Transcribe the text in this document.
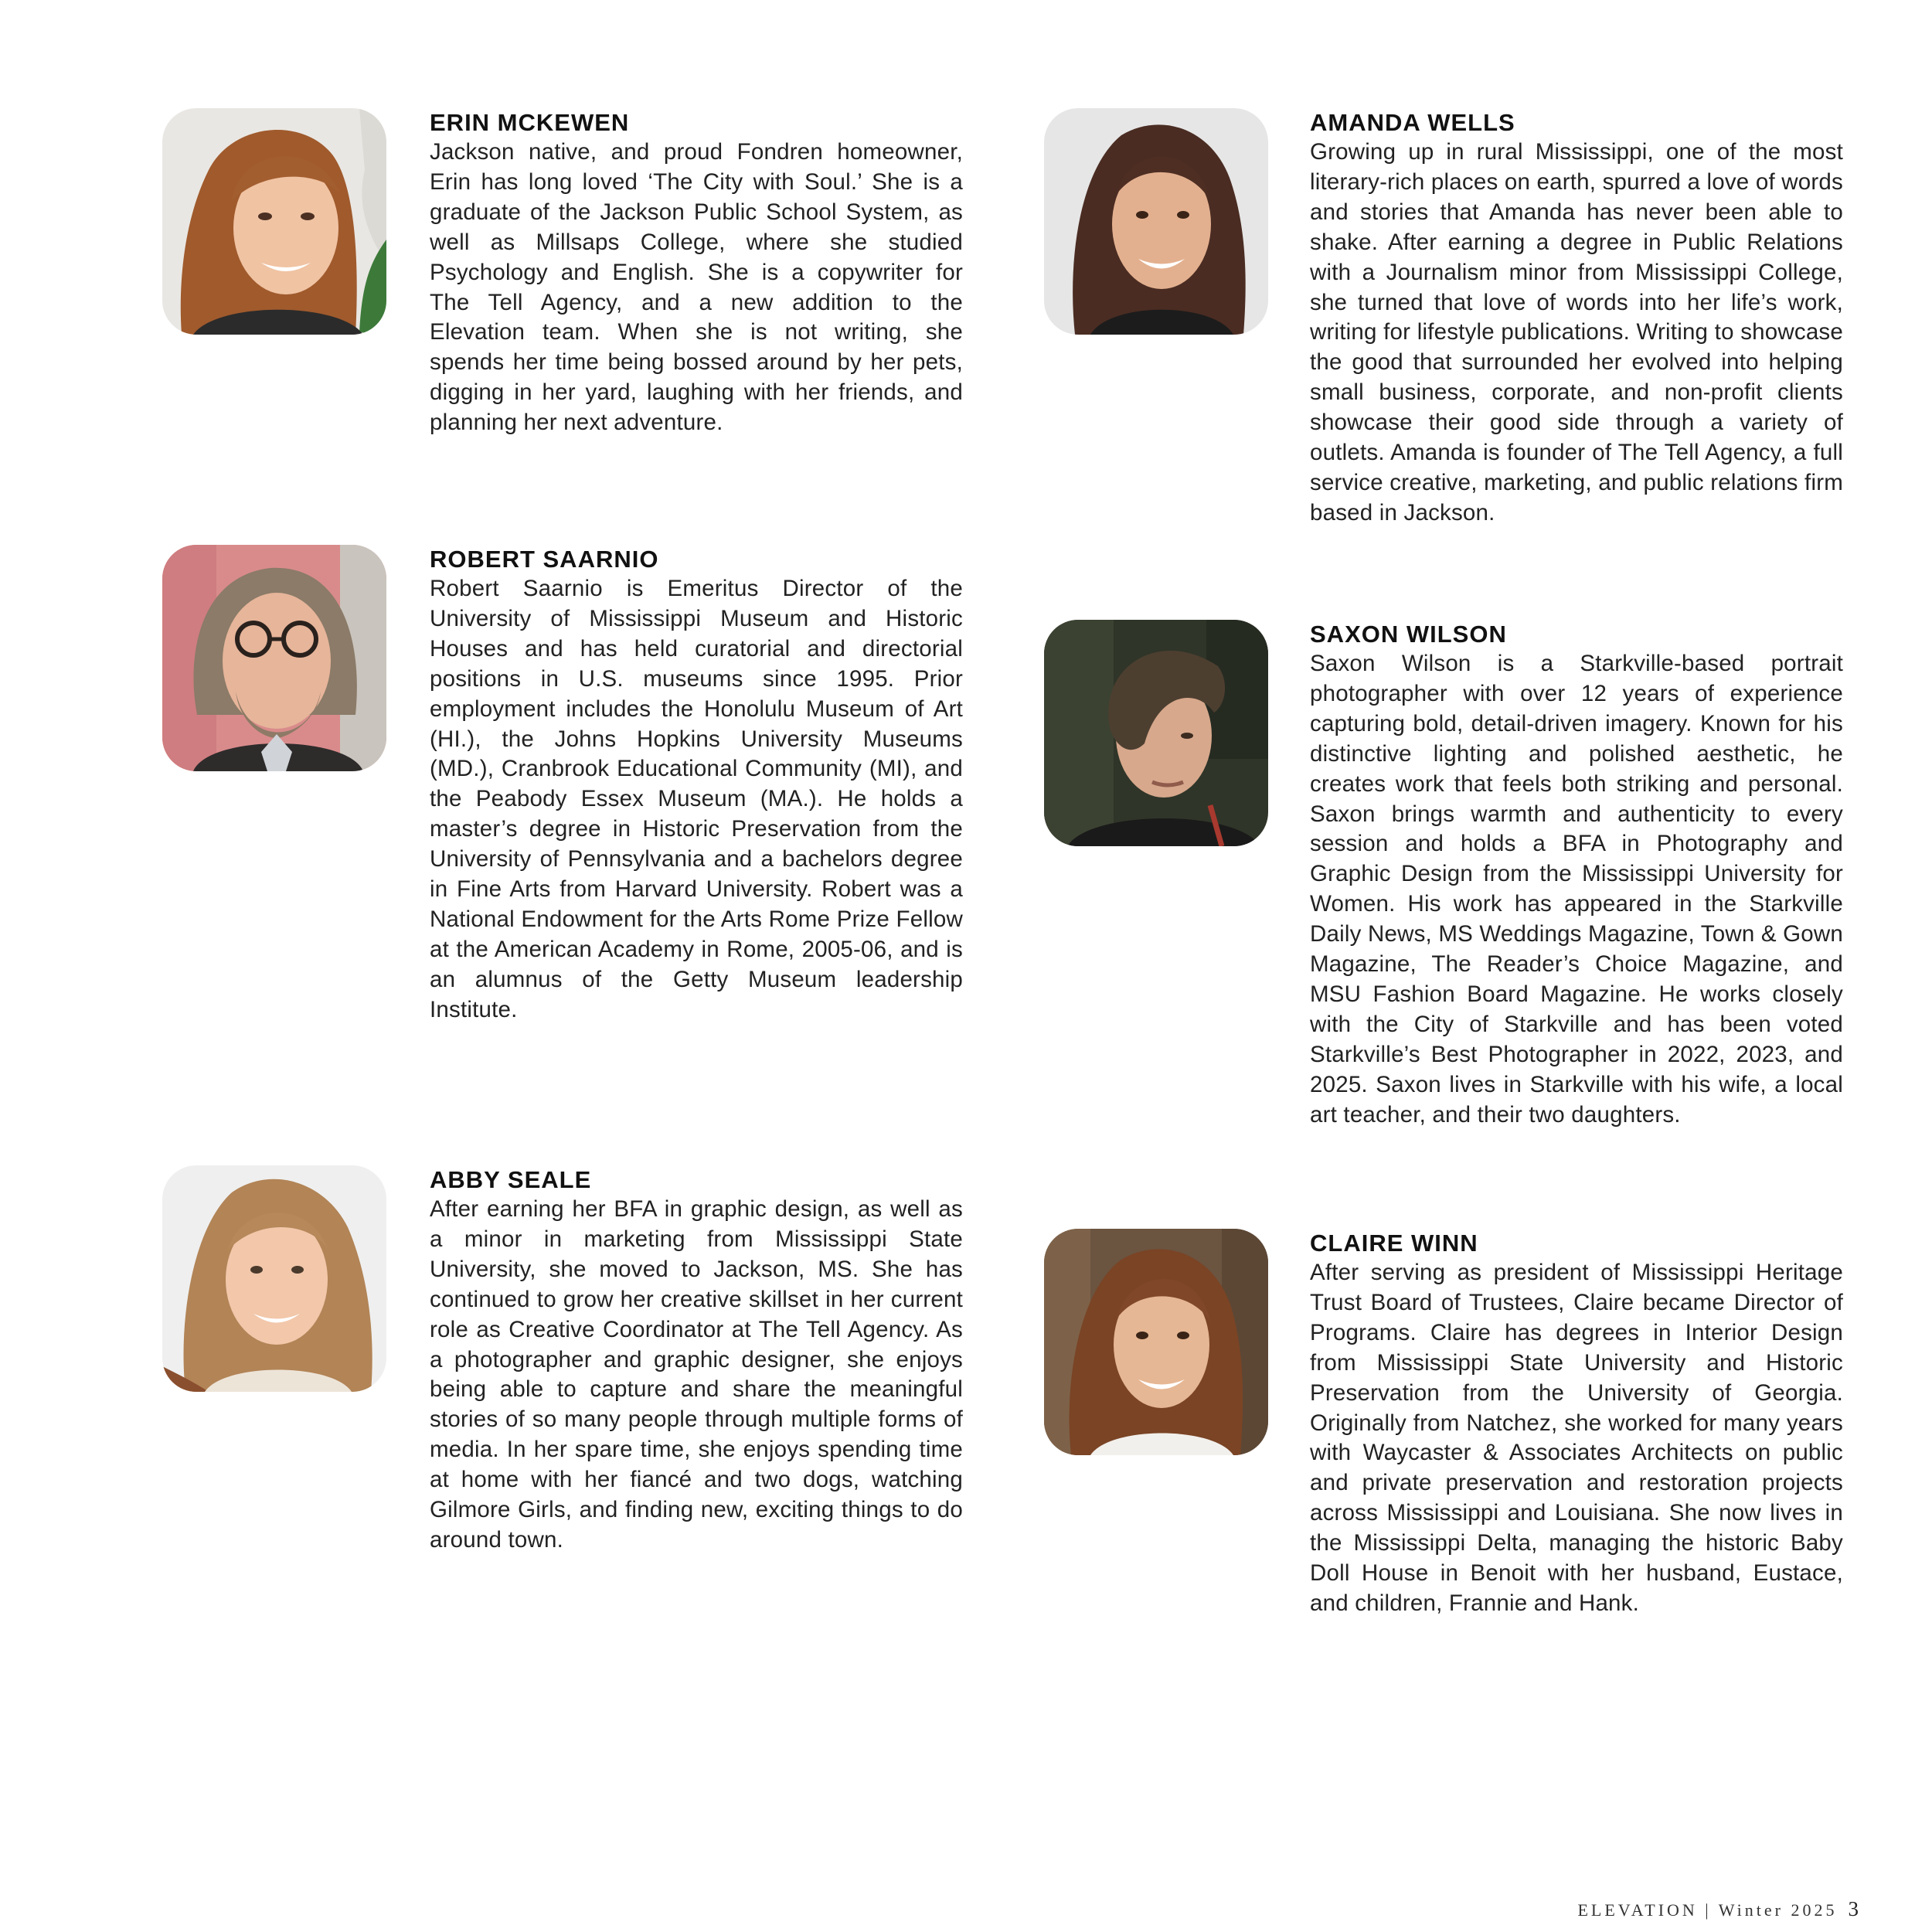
ERIN MCKEWEN

Jackson native, and proud Fondren homeowner, Erin has long loved ‘The City with Soul.’ She is a graduate of the Jackson Public School System, as well as Millsaps College, where she studied Psychology and English. She is a copywriter for The Tell Agency, and a new addition to the Elevation team. When she is not writing, she spends her time being bossed around by her pets, digging in her yard, laughing with her friends, and planning her next adventure.

ROBERT SAARNIO

Robert Saarnio is Emeritus Director of the University of Mississippi Museum and Historic Houses and has held curatorial and directorial positions in U.S. museums since 1995. Prior employment includes the Honolulu Museum of Art (HI.), the Johns Hopkins University Museums (MD.), Cranbrook Educational Community (MI), and the Peabody Essex Museum (MA.). He holds a master’s degree in Historic Preservation from the University of Pennsylvania and a bachelors degree in Fine Arts from Harvard University. Robert was a National Endowment for the Arts Rome Prize Fellow at the American Academy in Rome, 2005-06, and is an alumnus of the Getty Museum leadership Institute.

ABBY SEALE

After earning her BFA in graphic design, as well as a minor in marketing from Mississippi State University, she moved to Jackson, MS. She has continued to grow her creative skillset in her current role as Creative Coordinator at The Tell Agency. As a photographer and graphic designer, she enjoys being able to capture and share the meaningful stories of so many people through multiple forms of media. In her spare time, she enjoys spending time at home with her fiancé and two dogs, watching Gilmore Girls, and finding new, exciting things to do around town.

AMANDA WELLS

Growing up in rural Mississippi, one of the most literary-rich places on earth, spurred a love of words and stories that Amanda has never been able to shake. After earning a degree in Public Relations with a Journalism minor from Mississippi College, she turned that love of words into her life’s work, writing for lifestyle publications. Writing to showcase the good that surrounded her evolved into helping small business, corporate, and non-profit clients showcase their good side through a variety of outlets. Amanda is founder of The Tell Agency, a full service creative, marketing, and public relations firm based in Jackson.

SAXON WILSON

Saxon Wilson is a Starkville-based portrait photographer with over 12 years of experience capturing bold, detail-driven imagery. Known for his distinctive lighting and polished aesthetic, he creates work that feels both striking and personal. Saxon brings warmth and authenticity to every session and holds a BFA in Photography and Graphic Design from the Mississippi University for Women. His work has appeared in the Starkville Daily News, MS Weddings Magazine, Town & Gown Magazine, The Reader’s Choice Magazine, and MSU Fashion Board Magazine. He works closely with the City of Starkville and has been voted Starkville’s Best Photographer in 2022, 2023, and 2025. Saxon lives in Starkville with his wife, a local art teacher, and their two daughters.

CLAIRE WINN

After serving as president of Mississippi Heritage Trust Board of Trustees, Claire became Director of Programs. Claire has degrees in Interior Design from Mississippi State University and Historic Preservation from the University of Georgia. Originally from Natchez, she worked for many years with Waycaster & Associates Architects on public and private preservation and restoration projects across Mississippi and Louisiana. She now lives in the Mississippi Delta, managing the historic Baby Doll House in Benoit with her husband, Eustace, and children, Frannie and Hank.

ELEVATION | Winter 2025 3
